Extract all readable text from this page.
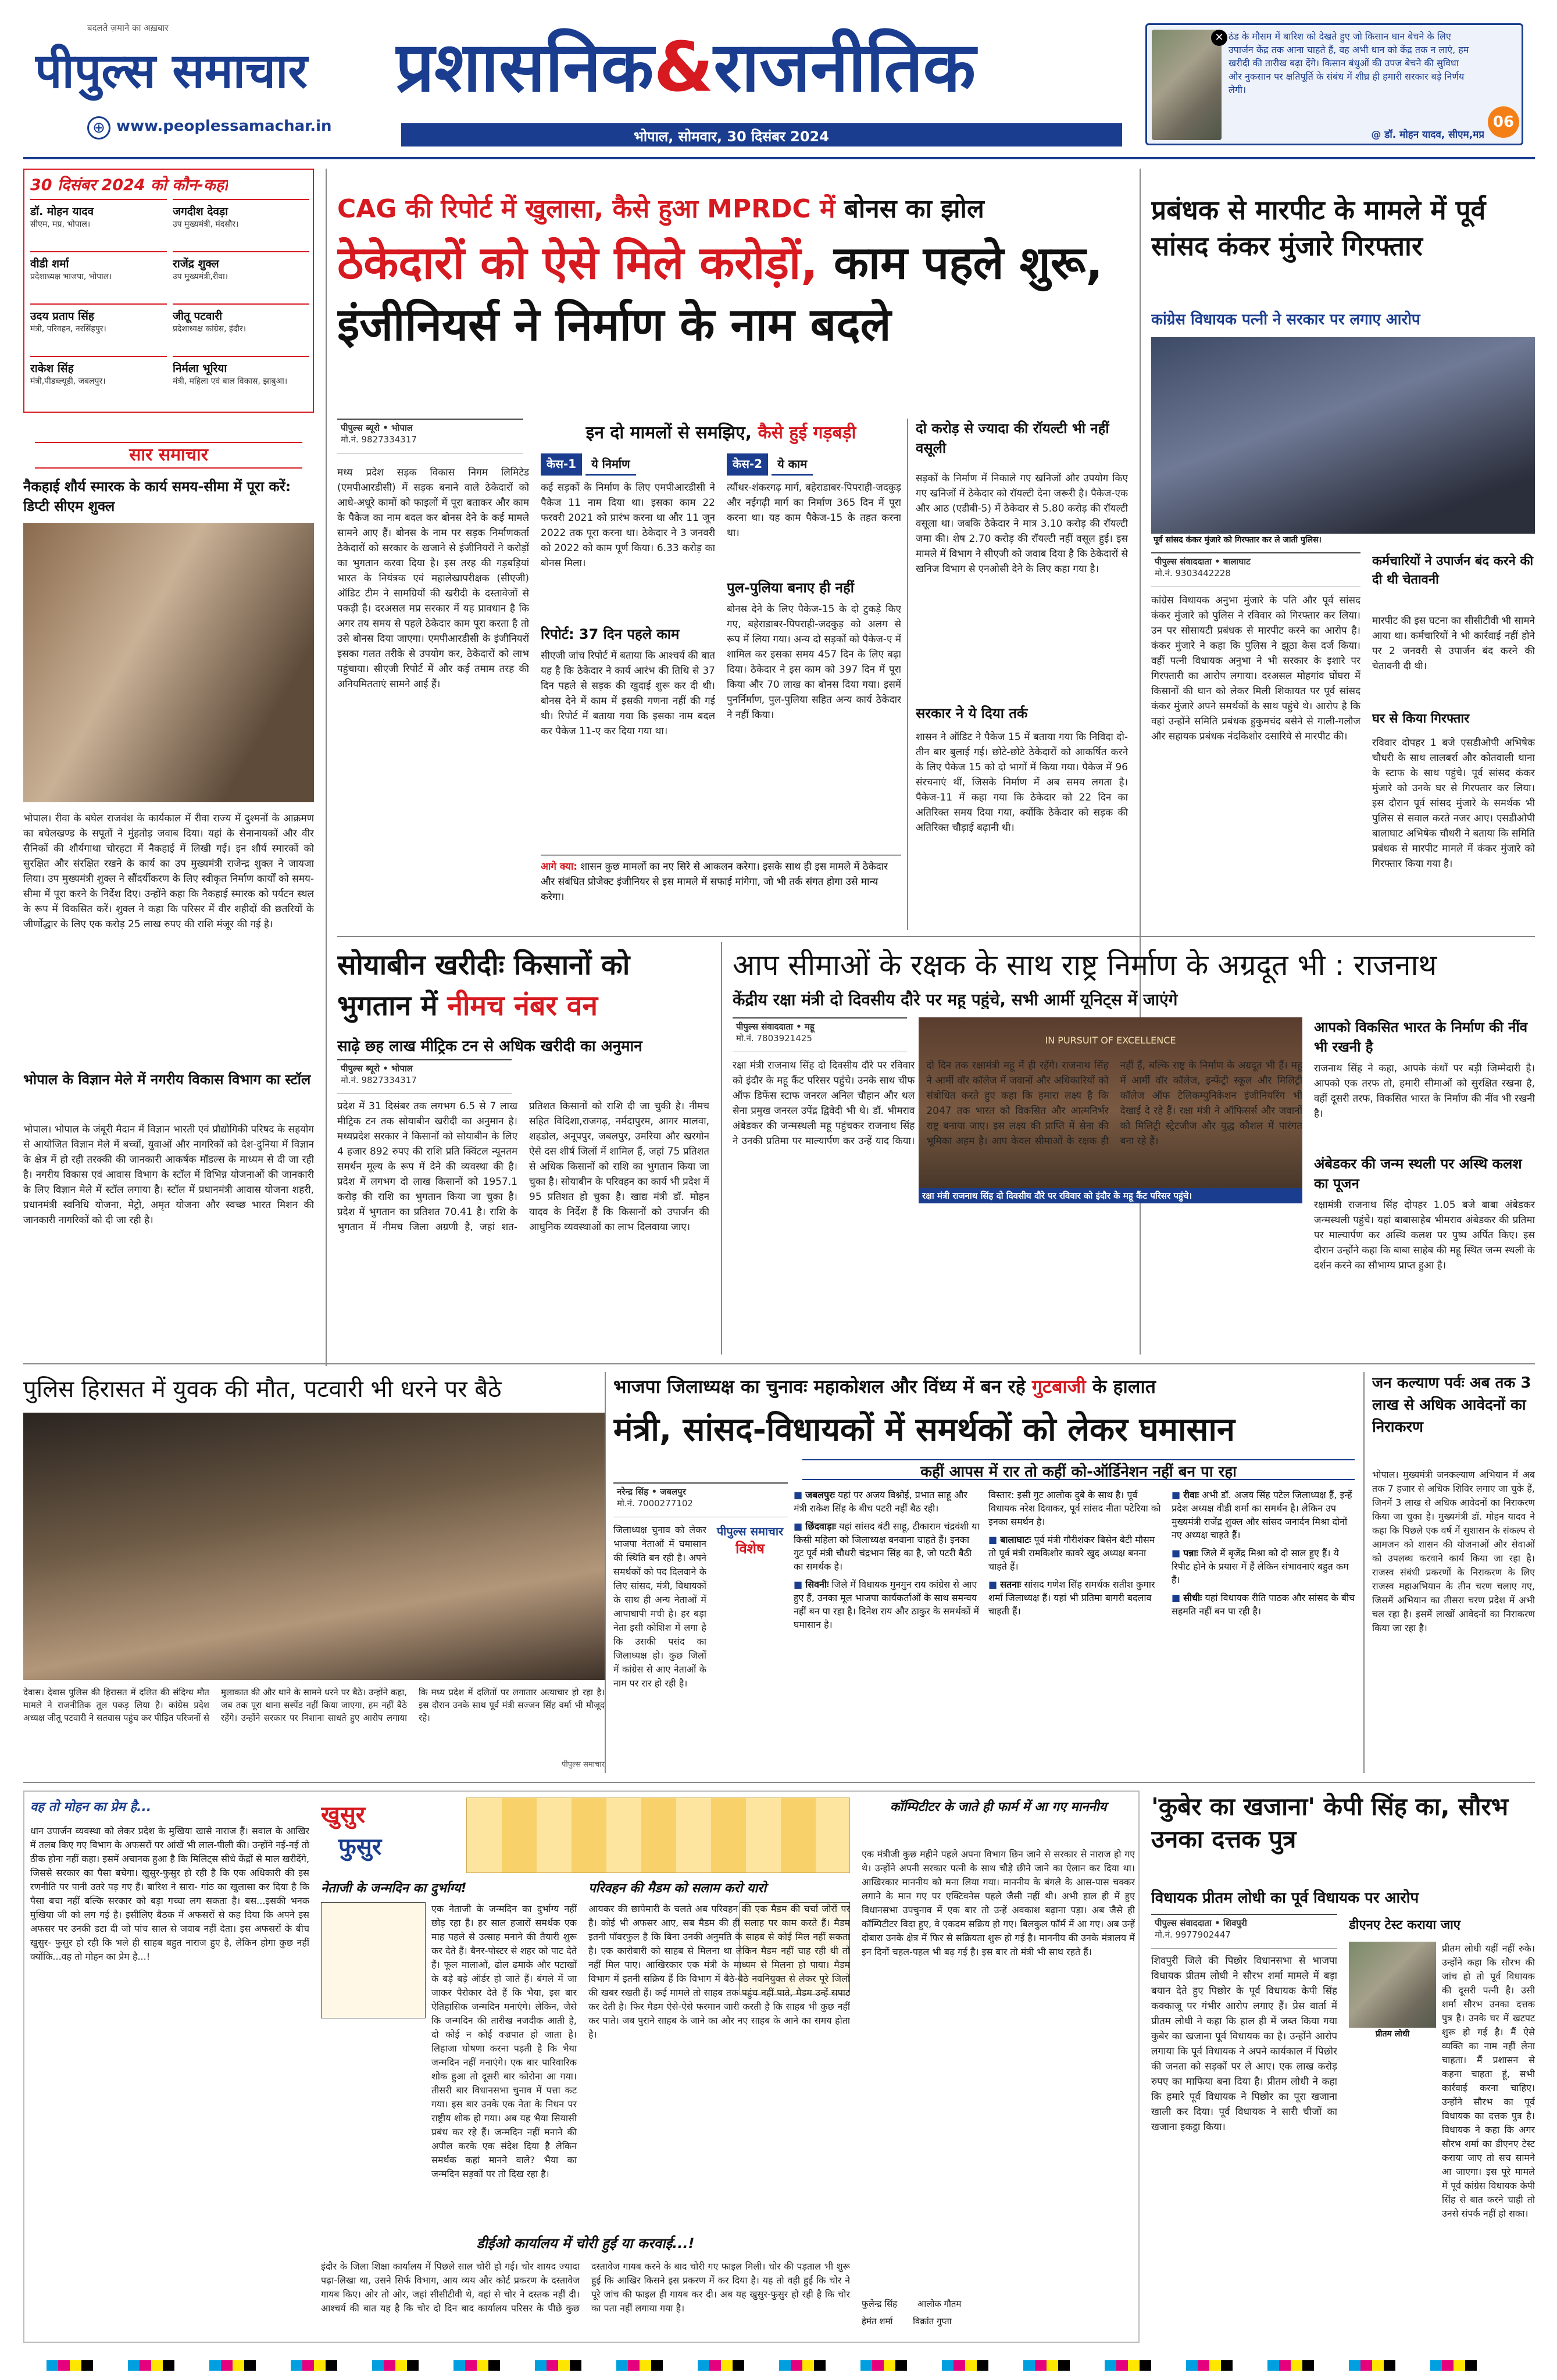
बदलते ज़माने का अख़बार
पीपुल्स समाचार
⊕ www.peoplessamachar.in
प्रशासनिक&राजनीतिक
भोपाल, सोमवार, 30 दिसंबर 2024
✕ ठंड के मौसम में बारिश को देखते हुए जो किसान धान बेचने के लिए उपार्जन केंद्र तक आना चाहते हैं, वह अभी धान को केंद्र तक न लाएं, हम खरीदी की तारीख बढ़ा देंगे। किसान बंधुओं की उपज बेचने की सुविधा और नुकसान पर क्षतिपूर्ति के संबंध में शीघ्र ही हमारी सरकार बड़े निर्णय लेगी।
@ डॉ. मोहन यादव, सीएम,मप्र
06
30 दिसंबर 2024 को कौन-कहां
डॉ. मोहन यादव
सीएम, मप्र, भोपाल।
जगदीश देवड़ा
उप मुख्यमंत्री, मंदसौर।
वीडी शर्मा
प्रदेशाध्यक्ष भाजपा, भोपाल।
राजेंद्र शुक्ल
उप मुख्यमंत्री,रीवा।
उदय प्रताप सिंह
मंत्री, परिवहन, नरसिंहपुर।
जीतू पटवारी
प्रदेशाध्यक्ष कांग्रेस, इंदौर।
राकेश सिंह
मंत्री,पीडब्ल्यूडी, जबलपुर।
निर्मला भूरिया
मंत्री, महिला एवं बाल विकास, झाबुआ।
सार समाचार
नैकहाई शौर्य स्मारक के कार्य समय-सीमा में पूरा करें: डिप्टी सीएम शुक्ल
भोपाल। रीवा के बघेल राजवंश के कार्यकाल में रीवा राज्य में दुश्मनों के आक्रमण का बघेलखण्ड के सपूतों ने मुंहतोड़ जवाब दिया। यहां के सेनानायकों और वीर सैनिकों की शौर्यगाथा चोरहटा में नैकहाई में लिखी गई। इन शौर्य स्मारकों को सुरक्षित और संरक्षित रखने के कार्य का उप मुख्यमंत्री राजेन्द्र शुक्ल ने जायजा लिया। उप मुख्यमंत्री शुक्ल ने सौंदर्यीकरण के लिए स्वीकृत निर्माण कार्यों को समय-सीमा में पूरा करने के निर्देश दिए। उन्होंने कहा कि नैकहाई स्मारक को पर्यटन स्थल के रूप में विकसित करें। शुक्ल ने कहा कि परिसर में वीर शहीदों की छतरियों के जीर्णोद्धार के लिए एक करोड़ 25 लाख रुपए की राशि मंजूर की गई है।
भोपाल के विज्ञान मेले में नगरीय विकास विभाग का स्टॉल
भोपाल। भोपाल के जंबूरी मैदान में विज्ञान भारती एवं प्रौद्योगिकी परिषद के सहयोग से आयोजित विज्ञान मेले में बच्चों, युवाओं और नागरिकों को देश-दुनिया में विज्ञान के क्षेत्र में हो रही तरक्की की जानकारी आकर्षक मॉडल्स के माध्यम से दी जा रही है। नगरीय विकास एवं आवास विभाग के स्टॉल में विभिन्न योजनाओं की जानकारी के लिए विज्ञान मेले में स्टॉल लगाया है। स्टॉल में प्रधानमंत्री आवास योजना शहरी, प्रधानमंत्री स्वनिधि योजना, मेट्रो, अमृत योजना और स्वच्छ भारत मिशन की जानकारी नागरिकों को दी जा रही है।
CAG की रिपोर्ट में खुलासा, कैसे हुआ MPRDC में बोनस का झोल
ठेकेदारों को ऐसे मिले करोड़ों, काम पहले शुरू, इंजीनियर्स ने निर्माण के नाम बदले
पीपुल्स ब्यूरो • भोपाल
मो.नं. 9827334317
मध्य प्रदेश सड़क विकास निगम लिमिटेड (एमपीआरडीसी) में सड़क बनाने वाले ठेकेदारों को आधे-अधूरे कामों को फाइलों में पूरा बताकर और काम के पैकेज का नाम बदल कर बोनस देने के कई मामले सामने आए हैं। बोनस के नाम पर सड़क निर्माणकर्ता ठेकेदारों को सरकार के खजाने से इंजीनियरों ने करोड़ों का भुगतान करवा दिया है। इस तरह की गड़बड़ियां भारत के नियंत्रक एवं महालेखापरीक्षक (सीएजी) ऑडिट टीम ने सामग्रियों की खरीदी के दस्तावेजों से पकड़ी है। दरअसल मप्र सरकार में यह प्रावधान है कि अगर तय समय से पहले ठेकेदार काम पूरा करता है तो उसे बोनस दिया जाएगा। एमपीआरडीसी के इंजीनियरों इसका गलत तरीके से उपयोग कर, ठेकेदारों को लाभ पहुंचाया। सीएजी रिपोर्ट में और कई तमाम तरह की अनियमितताएं सामने आई हैं।
इन दो मामलों से समझिए, कैसे हुई गड़बड़ी
केस-1	ये निर्माण
कई सड़कों के निर्माण के लिए एमपीआरडीसी ने पैकेज 11 नाम दिया था। इसका काम 22 फरवरी 2021 को प्रारंभ करना था और 11 जून 2022 तक पूरा करना था। ठेकेदार ने 3 जनवरी को 2022 को काम पूर्ण किया। 6.33 करोड़ का बोनस मिला।
रिपोर्ट: 37 दिन पहले काम
सीएजी जांच रिपोर्ट में बताया कि आश्चर्य की बात यह है कि ठेकेदार ने कार्य आरंभ की तिथि से 37 दिन पहले से सड़क की खुदाई शुरू कर दी थी। बोनस देने में काम में इसकी गणना नहीं की गई थी। रिपोर्ट में बताया गया कि इसका नाम बदल कर पैकेज 11-ए कर दिया गया था।
केस-2	ये काम
त्यौंथर-शंकरगढ़ मार्ग, बहेराडाबर-पिपराही-जदकुड़ और नईगढ़ी मार्ग का निर्माण 365 दिन में पूरा करना था। यह काम पैकेज-15 के तहत करना था।
पुल-पुलिया बनाए ही नहीं
बोनस देने के लिए पैकेज-15 के दो टुकड़े किए गए, बहेराडाबर-पिपराही-जदकुड़ को अलग से रूप में लिया गया। अन्य दो सड़कों को पैकेज-ए में शामिल कर इसका समय 457 दिन के लिए बढ़ा दिया। ठेकेदार ने इस काम को 397 दिन में पूरा किया और 70 लाख का बोनस दिया गया। इसमें पुनर्निर्माण, पुल-पुलिया सहित अन्य कार्य ठेकेदार ने नहीं किया।
आगे क्या: शासन कुछ मामलों का नए सिरे से आकलन करेगा। इसके साथ ही इस मामले में ठेकेदार और संबंधित प्रोजेक्ट इंजीनियर से इस मामले में सफाई मांगेगा, जो भी तर्क संगत होगा उसे मान्य करेगा।
दो करोड़ से ज्यादा की रॉयल्टी भी नहीं वसूली
सड़कों के निर्माण में निकाले गए खनिजों और उपयोग किए गए खनिजों में ठेकेदार को रॉयल्टी देना जरूरी है। पैकेज-एक और आठ (एडीबी-5) में ठेकेदार से 5.80 करोड़ की रॉयल्टी वसूला था। जबकि ठेकेदार ने मात्र 3.10 करोड़ की रॉयल्टी जमा की। शेष 2.70 करोड़ की रॉयल्टी नहीं वसूल हुई। इस मामले में विभाग ने सीएजी को जवाब दिया है कि ठेकेदारों से खनिज विभाग से एनओसी देने के लिए कहा गया है।
सरकार ने ये दिया तर्क
शासन ने ऑडिट ने पैकेज 15 में बताया गया कि निविदा दो-तीन बार बुलाई गई। छोटे-छोटे ठेकेदारों को आकर्षित करने के लिए पैकेज 15 को दो भागों में किया गया। पैकेज में 96 संरचनाएं थीं, जिसके निर्माण में अब समय लगता है। पैकेज-11 में कहा गया कि ठेकेदार को 22 दिन का अतिरिक्त समय दिया गया, क्योंकि ठेकेदार को सड़क की अतिरिक्त चौड़ाई बढ़ानी थी।
प्रबंधक से मारपीट के मामले में पूर्व सांसद कंकर मुंजारे गिरफ्तार
कांग्रेस विधायक पत्नी ने सरकार पर लगाए आरोप
पूर्व सांसद कंकर मुंजारे को गिरफ्तार कर ले जाती पुलिस।
पीपुल्स संवाददाता • बालाघाट
मो.नं. 9303442228
कांग्रेस विधायक अनुभा मुंजारे के पति और पूर्व सांसद कंकर मुंजारे को पुलिस ने रविवार को गिरफ्तार कर लिया। उन पर सोसायटी प्रबंधक से मारपीट करने का आरोप है। कंकर मुंजारे ने कहा कि पुलिस ने झूठा केस दर्ज किया। वहीं पत्नी विधायक अनुभा ने भी सरकार के इशारे पर गिरफ्तारी का आरोप लगाया। दरअसल मोहगांव घोंघरा में किसानों की धान को लेकर मिली शिकायत पर पूर्व सांसद कंकर मुंजारे अपने समर्थकों के साथ पहुंचे थे। आरोप है कि वहां उन्होंने समिति प्रबंधक हुकुमचंद बसेने से गाली-गलौज और सहायक प्रबंधक नंदकिशोर दसारिये से मारपीट की।
कर्मचारियों ने उपार्जन बंद करने की दी थी चेतावनी
मारपीट की इस घटना का सीसीटीवी भी सामने आया था। कर्मचारियों ने भी कार्रवाई नहीं होने पर 2 जनवरी से उपार्जन बंद करने की चेतावनी दी थी।
घर से किया गिरफ्तार
रविवार दोपहर 1 बजे एसडीओपी अभिषेक चौधरी के साथ लालबर्रा और कोतवाली थाना के स्टाफ के साथ पहुंचे। पूर्व सांसद कंकर मुंजारे को उनके घर से गिरफ्तार कर लिया। इस दौरान पूर्व सांसद मुंजारे के समर्थक भी पुलिस से सवाल करते नजर आए। एसडीओपी बालाघाट अभिषेक चौधरी ने बताया कि समिति प्रबंधक से मारपीट मामले में कंकर मुंजारे को गिरफ्तार किया गया है।
सोयाबीन खरीदीः किसानों को भुगतान में नीमच नंबर वन
साढ़े छह लाख मीट्रिक टन से अधिक खरीदी का अनुमान
पीपुल्स ब्यूरो • भोपाल
मो.नं. 9827334317
प्रदेश में 31 दिसंबर तक लगभग 6.5 से 7 लाख मीट्रिक टन तक सोयाबीन खरीदी का अनुमान है। मध्यप्रदेश सरकार ने किसानों को सोयाबीन के लिए 4 हजार 892 रुपए की राशि प्रति क्विंटल न्यूनतम समर्थन मूल्य के रूप में देने की व्यवस्था की है। प्रदेश में लगभग दो लाख किसानों को 1957.1 करोड़ की राशि का भुगतान किया जा चुका है। प्रदेश में भुगतान का प्रतिशत 70.41 है। राशि के भुगतान में नीमच जिला अग्रणी है, जहां शत-प्रतिशत किसानों को राशि दी जा चुकी है। नीमच सहित विदिशा,राजगढ़, नर्मदापुरम, आगर मालवा, शहडोल, अनूपपुर, जबलपुर, उमरिया और खरगोन ऐसे दस शीर्ष जिलों में शामिल हैं, जहां 75 प्रतिशत से अधिक किसानों को राशि का भुगतान किया जा चुका है। सोयाबीन के परिवहन का कार्य भी प्रदेश में 95 प्रतिशत हो चुका है। खाद्य मंत्री डॉ. मोहन यादव के निर्देश हैं कि किसानों को उपार्जन की आधुनिक व्यवस्थाओं का लाभ दिलवाया जाए।
आप सीमाओं के रक्षक के साथ राष्ट्र निर्माण के अग्रदूत भी : राजनाथ
केंद्रीय रक्षा मंत्री दो दिवसीय दौरे पर महू पहुंचे, सभी आर्मी यूनिट्स में जाएंगे
पीपुल्स संवाददाता • महू
मो.नं. 7803921425	IN PURSUIT OF EXCELLENCE
रक्षा मंत्री राजनाथ सिंह दो दिवसीय दौरे पर रविवार को इंदौर के महू कैंट परिसर पहुंचे।
रक्षा मंत्री राजनाथ सिंह दो दिवसीय दौरे पर रविवार को इंदौर के महू कैंट परिसर पहुंचे। उनके साथ चीफ ऑफ डिफेंस स्टाफ जनरल अनिल चौहान और थल सेना प्रमुख जनरल उपेंद्र द्विवेदी भी थे। डॉ. भीमराव अंबेडकर की जन्मस्थली महू पहुंचकर राजनाथ सिंह ने उनकी प्रतिमा पर माल्यार्पण कर उन्हें याद किया। दो दिन तक रक्षामंत्री महू में ही रहेंगे। राजनाथ सिंह ने आर्मी वॉर कॉलेज में जवानों और अधिकारियों को संबोधित करते हुए कहा कि हमारा लक्ष्य है कि 2047 तक भारत को विकसित और आत्मनिर्भर राष्ट्र बनाया जाए। इस लक्ष्य की प्राप्ति में सेना की भूमिका अहम है। आप केवल सीमाओं के रक्षक ही नहीं हैं, बल्कि राष्ट्र के निर्माण के अग्रदूत भी हैं। महू में आर्मी वॉर कॉलेज, इन्फेंट्री स्कूल और मिलिट्री कॉलेज ऑफ टेलिकम्युनिकेशन इंजीनियरिंग भी देखाई दे रहे हैं। रक्षा मंत्री ने ऑफिसर्स और जवानों को मिलिट्री स्ट्रेटजीज और युद्ध कौशल में पारंगत बना रहे हैं।
आपको विकसित भारत के निर्माण की नींव भी रखनी है
राजनाथ सिंह ने कहा, आपके कंधों पर बड़ी जिम्मेदारी है। आपको एक तरफ तो, हमारी सीमाओं को सुरक्षित रखना है, वहीं दूसरी तरफ, विकसित भारत के निर्माण की नींव भी रखनी है।
अंबेडकर की जन्म स्थली पर अस्थि कलश का पूजन
रक्षामंत्री राजनाथ सिंह दोपहर 1.05 बजे बाबा अंबेडकर जन्मस्थली पहुंचे। यहां बाबासाहेब भीमराव अंबेडकर की प्रतिमा पर माल्यार्पण कर अस्थि कलश पर पुष्प अर्पित किए। इस दौरान उन्होंने कहा कि बाबा साहेब की महू स्थित जन्म स्थली के दर्शन करने का सौभाग्य प्राप्त हुआ है।
पुलिस हिरासत में युवक की मौत, पटवारी भी धरने पर बैठे
देवास। देवास पुलिस की हिरासत में दलित की संदिग्ध मौत मामले ने राजनीतिक तूल पकड़ लिया है। कांग्रेस प्रदेश अध्यक्ष जीतू पटवारी ने सतवास पहुंच कर पीड़ित परिजनों से मुलाकात की और थाने के सामने धरने पर बैठे। उन्होंने कहा, जब तक पूरा थाना सस्पेंड नहीं किया जाएगा, हम नहीं बैठे रहेंगे। उन्होंने सरकार पर निशाना साधते हुए आरोप लगाया कि मध्य प्रदेश में दलितों पर लगातार अत्याचार हो रहा है। इस दौरान उनके साथ पूर्व मंत्री सज्जन सिंह वर्मा भी मौजूद रहे।
पीपुल्स समाचार
भाजपा जिलाध्यक्ष का चुनावः महाकोशल और विंध्य में बन रहे गुटबाजी के हालात
मंत्री, सांसद-विधायकों में समर्थकों को लेकर घमासान
कहीं आपस में रार तो कहीं को-ऑर्डिनेशन नहीं बन पा रहा
नरेन्द्र सिंह • जबलपुर
मो.नं. 7000277102
जिलाध्यक्ष चुनाव को लेकर भाजपा नेताओं में घमासान की स्थिति बन रही है। अपने समर्थकों को पद दिलवाने के लिए सांसद, मंत्री, विधायकों के साथ ही अन्य नेताओं में आपाधापी मची है। हर बड़ा नेता इसी कोशिश में लगा है कि उसकी पसंद का जिलाध्यक्ष हो। कुछ जिलों में कांग्रेस से आए नेताओं के नाम पर रार हो रही है।
पीपुल्स समाचार
विशेष
■ जबलपुरः यहां पर अजय विश्नोई, प्रभात साहू और मंत्री राकेश सिंह के बीच पटरी नहीं बैठ रही।
■ छिंदवाड़ाः यहां सांसद बंटी साहू, टीकाराम चंद्रवंशी या किसी महिला को जिलाध्यक्ष बनवाना चाहते हैं। इनका गुट पूर्व मंत्री चौधरी चंद्रभान सिंह का है, जो पटरी बैठी का समर्थक है।
■ सिवनीः जिले में विधायक मुनमुन राय कांग्रेस से आए हुए हैं, उनका मूल भाजपा कार्यकर्ताओं के साथ समन्वय नहीं बन पा रहा है। दिनेश राय और ठाकुर के समर्थकों में घमासान है।
विस्तार: इसी गुट आलोक दुबे के साथ है। पूर्व विधायक नरेश दिवाकर, पूर्व सांसद नीता पटेरिया को इनका समर्थन है।
■ बालाघाटः पूर्व मंत्री गौरीशंकर बिसेन बेटी मौसम तो पूर्व मंत्री रामकिशोर कावरे खुद अध्यक्ष बनना चाहते हैं।
■ सतनाः सांसद गणेश सिंह समर्थक सतीश कुमार शर्मा जिलाध्यक्ष हैं। यहां भी प्रतिमा बागरी बदलाव चाहती हैं।
■ रीवाः अभी डॉ. अजय सिंह पटेल जिलाध्यक्ष हैं, इन्हें प्रदेश अध्यक्ष वीडी शर्मा का समर्थन है। लेकिन उप मुख्यमंत्री राजेंद्र शुक्ल और सांसद जनार्दन मिश्रा दोनों नए अध्यक्ष चाहते हैं।
■ पन्नाः जिले में बृजेंद्र मिश्रा को दो साल हुए हैं। ये रिपीट होने के प्रयास में हैं लेकिन संभावनाएं बहुत कम हैं।
■ सीधीः यहां विधायक रीति पाठक और सांसद के बीच सहमति नहीं बन पा रही है।
जन कल्याण पर्वः अब तक 3 लाख से अधिक आवेदनों का निराकरण
भोपाल। मुख्यमंत्री जनकल्याण अभियान में अब तक 7 हजार से अधिक शिविर लगाए जा चुके हैं, जिनमें 3 लाख से अधिक आवेदनों का निराकरण किया जा चुका है। मुख्यमंत्री डॉ. मोहन यादव ने कहा कि पिछले एक वर्ष में सुशासन के संकल्प से आमजन को शासन की योजनाओं और सेवाओं को उपलब्ध करवाने कार्य किया जा रहा है। राजस्व संबंधी प्रकरणों के निराकरण के लिए राजस्व महाअभियान के तीन चरण चलाए गए, जिसमें अभियान का तीसरा चरण प्रदेश में अभी चल रहा है। इसमें लाखों आवेदनों का निराकरण किया जा रहा है।
वह तो मोहन का प्रेम है...
धान उपार्जन व्यवस्था को लेकर प्रदेश के मुखिया खासे नाराज हैं। सवाल के आखिर में तलब किए गए विभाग के अफसरों पर आंखें भी लाल-पीली की। उन्होंने नई-नई तो ठीक होना नहीं कहा। इसमें अचानक हुआ है कि मिलिट्स सीधे केंद्रों से माल खरीदेंगे, जिससे सरकार का पैसा बचेगा। खुसुर-फुसुर हो रही है कि एक अधिकारी की इस रणनीति पर पानी उतरे पड़ गए हैं। बारिश ने सारा- गांठ का खुलासा कर दिया है कि पैसा बचा नहीं बल्कि सरकार को बड़ा गच्चा लग सकता है। बस...इसकी भनक मुखिया जी को लग गई है। इसीलिए बैठक में अफसरों से कह दिया कि अपने इस अफसर पर उनकी डटा दी जो पांच साल से जवाब नहीं देता। इस अफसरों के बीच खुसुर- फुसुर हो रही कि भले ही साहब बहुत नाराज हुए है, लेकिन होगा कुछ नहीं क्योंकि...वह तो मोहन का प्रेम है...!
खुसुर
फुसुर
नेताजी के जन्मदिन का दुर्भाग्य!
एक नेताजी के जन्मदिन का दुर्भाग्य नहीं छोड़ रहा है। हर साल हजारों समर्थक एक माह पहले से उत्साह मनाने की तैयारी शुरू कर देते हैं। बैनर-पोस्टर से शहर को पाट देते हैं। फूल मालाओं, ढोल ढमाके और पटाखों के बड़े बड़े ऑर्डर हो जाते हैं। बंगले में जा जाकर पैरोकार देते हैं कि भैया, इस बार ऐतिहासिक जन्मदिन मनाएंगे। लेकिन, जैसे कि जन्मदिन की तारीख नजदीक आती है, दो कोई न कोई वज्रपात हो जाता है। लिहाजा घोषणा करना पड़ती है कि भैया जन्मदिन नहीं मनाएंगे। एक बार पारिवारिक शोक हुआ तो दूसरी बार कोरोना आ गया। तीसरी बार विधानसभा चुनाव में पत्ता कट गया। इस बार उनके एक नेता के निधन पर राष्ट्रीय शोक हो गया। अब यह भैया सियासी प्रबंध कर रहे हैं। जन्मदिन नहीं मनाने की अपील करके एक संदेश दिया है लेकिन समर्थक कहां मानने वाले? भैया का जन्मदिन सड़कों पर तो दिख रहा है।
परिवहन की मैडम को सलाम करो यारो
आयकर की छापेमारी के चलते अब परिवहन की एक मैडम की चर्चा जोरों पर है। कोई भी अफसर आए, सब मैडम की ही सलाह पर काम करते हैं। मैडम इतनी पॉवरफुल है कि बिना उनकी अनुमति के साहब से कोई मिल नहीं सकता है। एक कारोबारी को साहब से मिलना था लेकिन मैडम नहीं चाह रही थी तो नहीं मिल पाए। आखिरकार एक मंत्री के माध्यम से मिलना हो पाया। मैडम विभाग में इतनी सक्रिय हैं कि विभाग में बैठे-बैठे नवनियुक्त से लेकर पूरे जिलों की खबर रखती हैं। कई मामले तो साहब तक पहुंच नहीं पाते, मैडम उन्हें सपाट कर देती है। फिर मैडम ऐसे-ऐसे फरमान जारी करती है कि साहब भी कुछ नहीं कर पाते। जब पुराने साहब के जाने का और नए साहब के आने का समय होता है।
डीईओ कार्यालय में चोरी हुई या करवाई...!
इंदौर के जिला शिक्षा कार्यालय में पिछले साल चोरी हो गई। चोर शायद ज्यादा पढ़ा-लिखा था, उसने सिर्फ विभाग, आय व्यय और कोर्ट प्रकरण के दस्तावेज गायब किए। ओर तो ओर, जहां सीसीटीवी थे, वहां से चोर ने दस्तक नहीं दी। आश्चर्य की बात यह है कि चोर दो दिन बाद कार्यालय परिसर के पीछे कुछ दस्तावेज गायब करने के बाद चोरी गए फाइल मिली। चोर की पड़ताल भी शुरू हुई कि आखिर किसने इस प्रकरण में कर दिया है। यह तो वही हुई कि चोर ने पूरे जांच की फाइल ही गायब कर दी। अब यह खुसुर-फुसुर हो रही है कि चोर का पता नहीं लगाया गया है।
कॉम्पिटीटर के जाते ही फार्म में आ गए माननीय
एक मंत्रीजी कुछ महीने पहले अपना विभाग छिन जाने से सरकार से नाराज हो गए थे। उन्होंने अपनी सरकार पत्नी के साथ चौड़े छीने जाने का ऐलान कर दिया था। आखिरकार माननीय को मना लिया गया। माननीय के बंगले के आस-पास चक्कर लगाने के मान गए पर एक्टिवनेस पहले जैसी नहीं थी। अभी हाल ही में हुए विधानसभा उपचुनाव में एक बार तो उन्हें अवकाश बढ़ाना पड़ा। अब जैसे ही कॉम्पिटीटर विदा हुए, वे एकदम सक्रिय हो गए। बिलकुल फॉर्म में आ गए। अब उन्हें दोबारा उनके क्षेत्र में फिर से सक्रियता शुरू हो गई है। माननीय की उनके मंत्रालय में इन दिनों चहल-पहल भी बढ़ गई है। इस बार तो मंत्री भी साथ रहते हैं।
फुलेन्द्र सिंह आलोक गौतम
हेमंत शर्मा विक्रांत गुप्ता
'कुबेर का खजाना' केपी सिंह का, सौरभ उनका दत्तक पुत्र
विधायक प्रीतम लोधी का पूर्व विधायक पर आरोप
पीपुल्स संवाददाता • शिवपुरी
मो.नं. 9977902447
शिवपुरी जिले की पिछोर विधानसभा से भाजपा विधायक प्रीतम लोधी ने सौरभ शर्मा मामले में बड़ा बयान देते हुए पिछोर के पूर्व विधायक केपी सिंह कक्काजू पर गंभीर आरोप लगाए हैं। प्रेस वार्ता में प्रीतम लोधी ने कहा कि हाल ही में जब्त किया गया कुबेर का खजाना पूर्व विधायक का है। उन्होंने आरोप लगाया कि पूर्व विधायक ने अपने कार्यकाल में पिछोर की जनता को सड़कों पर ले आए। एक लाख करोड़ रुपए का माफिया बना दिया है। प्रीतम लोधी ने कहा कि हमारे पूर्व विधायक ने पिछोर का पूरा खजाना खाली कर दिया। पूर्व विधायक ने सारी चीजों का खजाना इकट्ठा किया।
डीएनए टेस्ट कराया जाए
प्रीतम लोधी
प्रीतम लोधी यहीं नहीं रुके। उन्होंने कहा कि सौरभ की जांच हो तो पूर्व विधायक की दूसरी पत्नी है। उसी शर्मा सौरभ उनका दत्तक पुत्र है। उनके घर में खटपट शुरू हो गई है। मैं ऐसे व्यक्ति का नाम नहीं लेना चाहता। मैं प्रशासन से कहना चाहता हूं, सभी कार्रवाई करना चाहिए। उन्होंने सौरभ का पूर्व विधायक का दत्तक पुत्र है। विधायक ने कहा कि अगर सौरभ शर्मा का डीएनए टेस्ट कराया जाए तो सच सामने आ जाएगा। इस पूरे मामले में पूर्व कांग्रेस विधायक केपी सिंह से बात करने चाही तो उनसे संपर्क नहीं हो सका।
